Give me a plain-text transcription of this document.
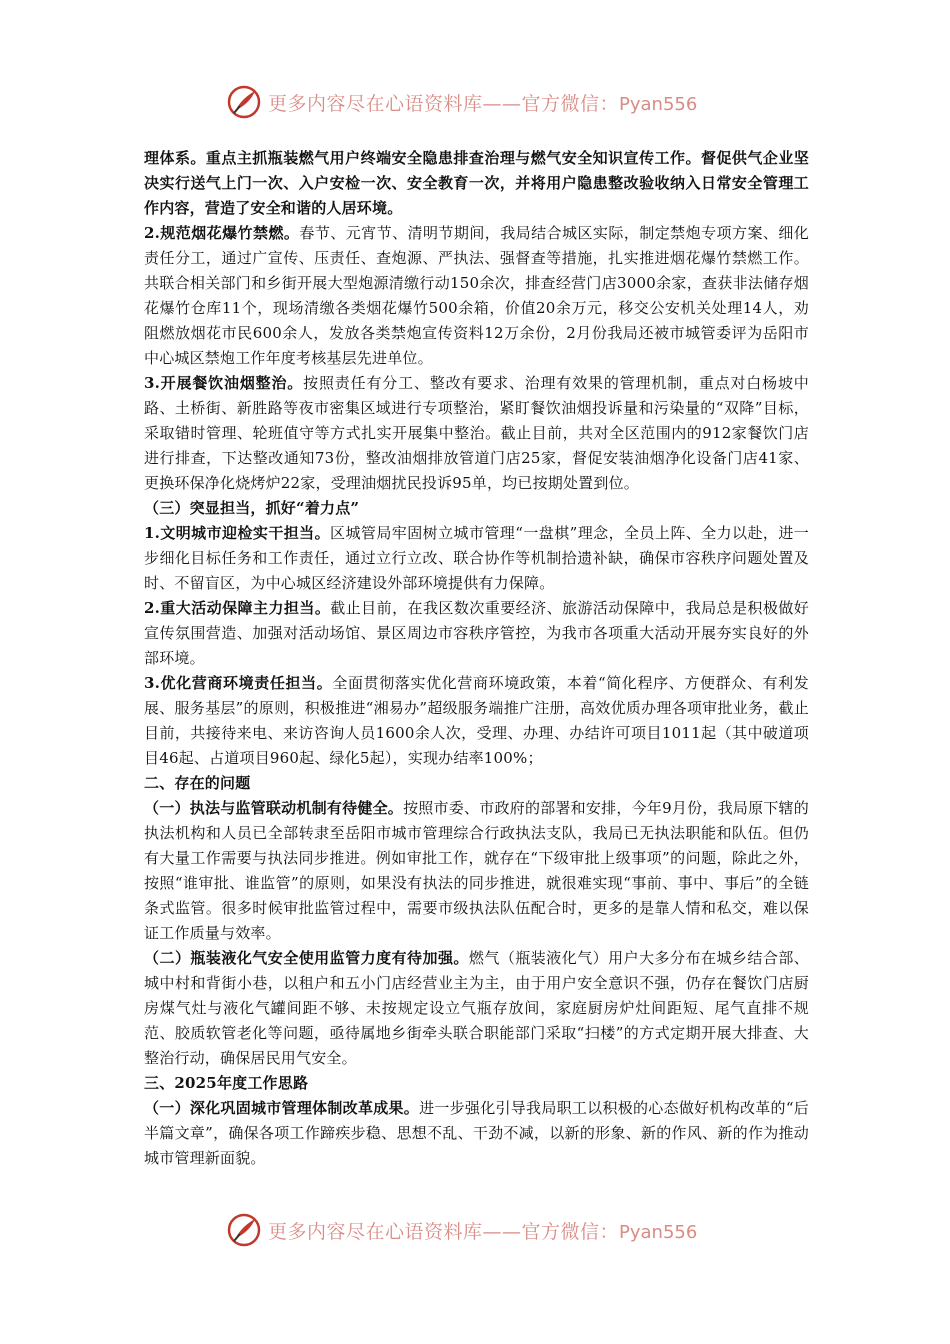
更多内容尽在心语资料库——官方微信：Pyan556

理体系。重点主抓瓶装燃气用户终端安全隐患排查治理与燃气安全知识宣传工作。督促供气企业坚决实行送气上门一次、入户安检一次、安全教育一次，并将用户隐患整改验收纳入日常安全管理工作内容，营造了安全和谐的人居环境。

2.规范烟花爆竹禁燃。春节、元宵节、清明节期间，我局结合城区实际，制定禁炮专项方案、细化责任分工，通过广宣传、压责任、查炮源、严执法、强督查等措施，扎实推进烟花爆竹禁燃工作。共联合相关部门和乡街开展大型炮源清缴行动150余次，排查经营门店3000余家，查获非法储存烟花爆竹仓库11个，现场清缴各类烟花爆竹500余箱，价值20余万元，移交公安机关处理14人，劝阻燃放烟花市民600余人，发放各类禁炮宣传资料12万余份，2月份我局还被市城管委评为岳阳市中心城区禁炮工作年度考核基层先进单位。

3.开展餐饮油烟整治。按照责任有分工、整改有要求、治理有效果的管理机制，重点对白杨坡中路、土桥街、新胜路等夜市密集区域进行专项整治，紧盯餐饮油烟投诉量和污染量的“双降”目标，采取错时管理、轮班值守等方式扎实开展集中整治。截止目前，共对全区范围内的912家餐饮门店进行排查，下达整改通知73份，整改油烟排放管道门店25家，督促安装油烟净化设备门店41家、更换环保净化烧烤炉22家，受理油烟扰民投诉95单，均已按期处置到位。

（三）突显担当，抓好“着力点”

1.文明城市迎检实干担当。区城管局牢固树立城市管理“一盘棋”理念，全员上阵、全力以赴，进一步细化目标任务和工作责任，通过立行立改、联合协作等机制拾遗补缺，确保市容秩序问题处置及时、不留盲区，为中心城区经济建设外部环境提供有力保障。

2.重大活动保障主力担当。截止目前，在我区数次重要经济、旅游活动保障中，我局总是积极做好宣传氛围营造、加强对活动场馆、景区周边市容秩序管控，为我市各项重大活动开展夯实良好的外部环境。

3.优化营商环境责任担当。全面贯彻落实优化营商环境政策，本着“简化程序、方便群众、有利发展、服务基层”的原则，积极推进“湘易办”超级服务端推广注册，高效优质办理各项审批业务，截止目前，共接待来电、来访咨询人员1600余人次，受理、办理、办结许可项目1011起（其中破道项目46起、占道项目960起、绿化5起），实现办结率100%；

二、存在的问题

（一）执法与监管联动机制有待健全。按照市委、市政府的部署和安排，今年9月份，我局原下辖的执法机构和人员已全部转隶至岳阳市城市管理综合行政执法支队，我局已无执法职能和队伍。但仍有大量工作需要与执法同步推进。例如审批工作，就存在“下级审批上级事项”的问题，除此之外，按照“谁审批、谁监管”的原则，如果没有执法的同步推进，就很难实现“事前、事中、事后”的全链条式监管。很多时候审批监管过程中，需要市级执法队伍配合时，更多的是靠人情和私交，难以保证工作质量与效率。

（二）瓶装液化气安全使用监管力度有待加强。燃气（瓶装液化气）用户大多分布在城乡结合部、城中村和背街小巷，以租户和五小门店经营业主为主，由于用户安全意识不强，仍存在餐饮门店厨房煤气灶与液化气罐间距不够、未按规定设立气瓶存放间，家庭厨房炉灶间距短、尾气直排不规范、胶质软管老化等问题，亟待属地乡街牵头联合职能部门采取“扫楼”的方式定期开展大排查、大整治行动，确保居民用气安全。

三、2025年度工作思路

（一）深化巩固城市管理体制改革成果。进一步强化引导我局职工以积极的心态做好机构改革的“后半篇文章”，确保各项工作蹄疾步稳、思想不乱、干劲不减，以新的形象、新的作风、新的作为推动城市管理新面貌。

更多内容尽在心语资料库——官方微信：Pyan556
